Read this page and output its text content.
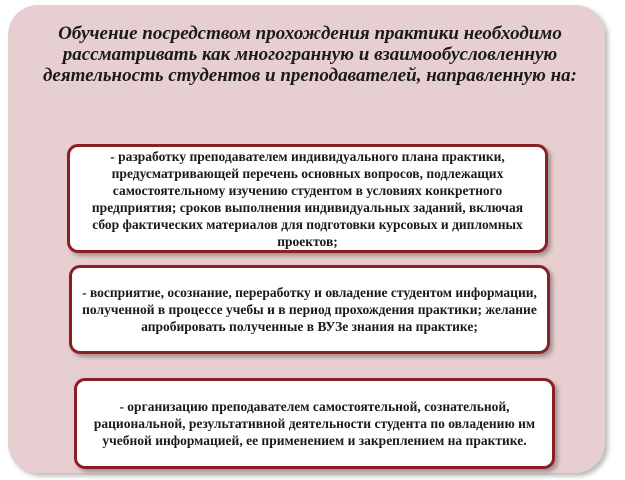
Обучение посредством прохождения практики необходимо рассматривать как многогранную и взаимообусловленную деятельность студентов и преподавателей, направленную на:
- разработку преподавателем индивидуального плана практики, предусматривающей перечень основных вопросов, подлежащих самостоятельному изучению студентом в условиях конкретного предприятия; сроков выполнения индивидуальных заданий, включая сбор фактических материалов для подготовки курсовых и дипломных проектов;
- восприятие, осознание, переработку и овладение студентом информации, полученной в процессе учебы и в период прохождения практики; желание апробировать полученные в ВУЗе знания на практике;
- организацию преподавателем самостоятельной, сознательной, рациональной, результативной деятельности студента по овладению им учебной информацией, ее применением и закреплением на практике.
